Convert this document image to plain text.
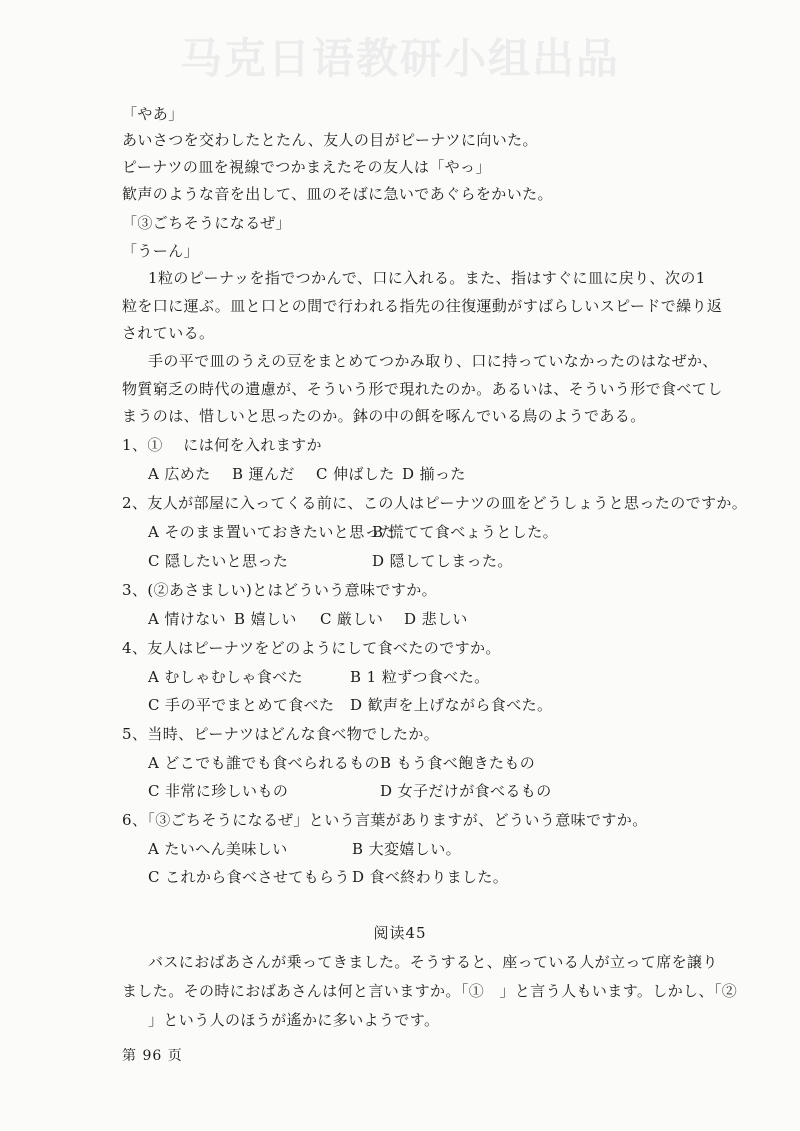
马克日语教研小组出品
「やあ」
あいさつを交わしたとたん、友人の目がピーナツに向いた。
ピーナツの皿を視線でつかまえたその友人は「やっ」
歓声のような音を出して、皿のそばに急いであぐらをかいた。
「③ごちそうになるぜ」
「うーん」
1粒のピーナッを指でつかんで、口に入れる。また、指はすぐに皿に戻り、次の1
粒を口に運ぶ。皿と口との間で行われる指先の往復運動がすばらしいスピードで繰り返
されている。
手の平で皿のうえの豆をまとめてつかみ取り、口に持っていなかったのはなぜか、
物質窮乏の時代の遺慮が、そういう形で現れたのか。あるいは、そういう形で食べてし
まうのは、惜しいと思ったのか。鉢の中の餌を啄んでいる鳥のようである。
1、①　 には何を入れますか
A 広めた B 運んだ C 伸ばした D 揃った
2、友人が部屋に入ってくる前に、この人はピーナツの皿をどうしょうと思ったのですか。
A そのまま置いておきたいと思った
B 慌てて食べょうとした。
C 隠したいと思った	D 隠してしまった。
3、(②あさましい)とはどういう意味ですか。
A 情けない B 嬉しい C 厳しい D 悲しい
4、友人はピーナツをどのようにして食べたのですか。
A むしゃむしゃ食べた	B 1 粒ずつ食べた。
C 手の平でまとめて食べた D 歓声を上げながら食べた。
5、当時、ピーナツはどんな食べ物でしたか。
A どこでも誰でも食べられるもの B もう食べ飽きたもの
C 非常に珍しいもの	D 女子だけが食べるもの
6、「③ごちそうになるぜ」という言葉がありますが、どういう意味ですか。
A たいへん美味しい	B 大変嬉しい。
C これから食べさせてもらう D 食べ終わりました。
阅读45
バスにおばあさんが乗ってきました。そうすると、座っている人が立って席を譲り
ました。その時におばあさんは何と言いますか。「①　」と言う人もいます。しかし、「②
」という人のほうが遙かに多いようです。
第 96 页
